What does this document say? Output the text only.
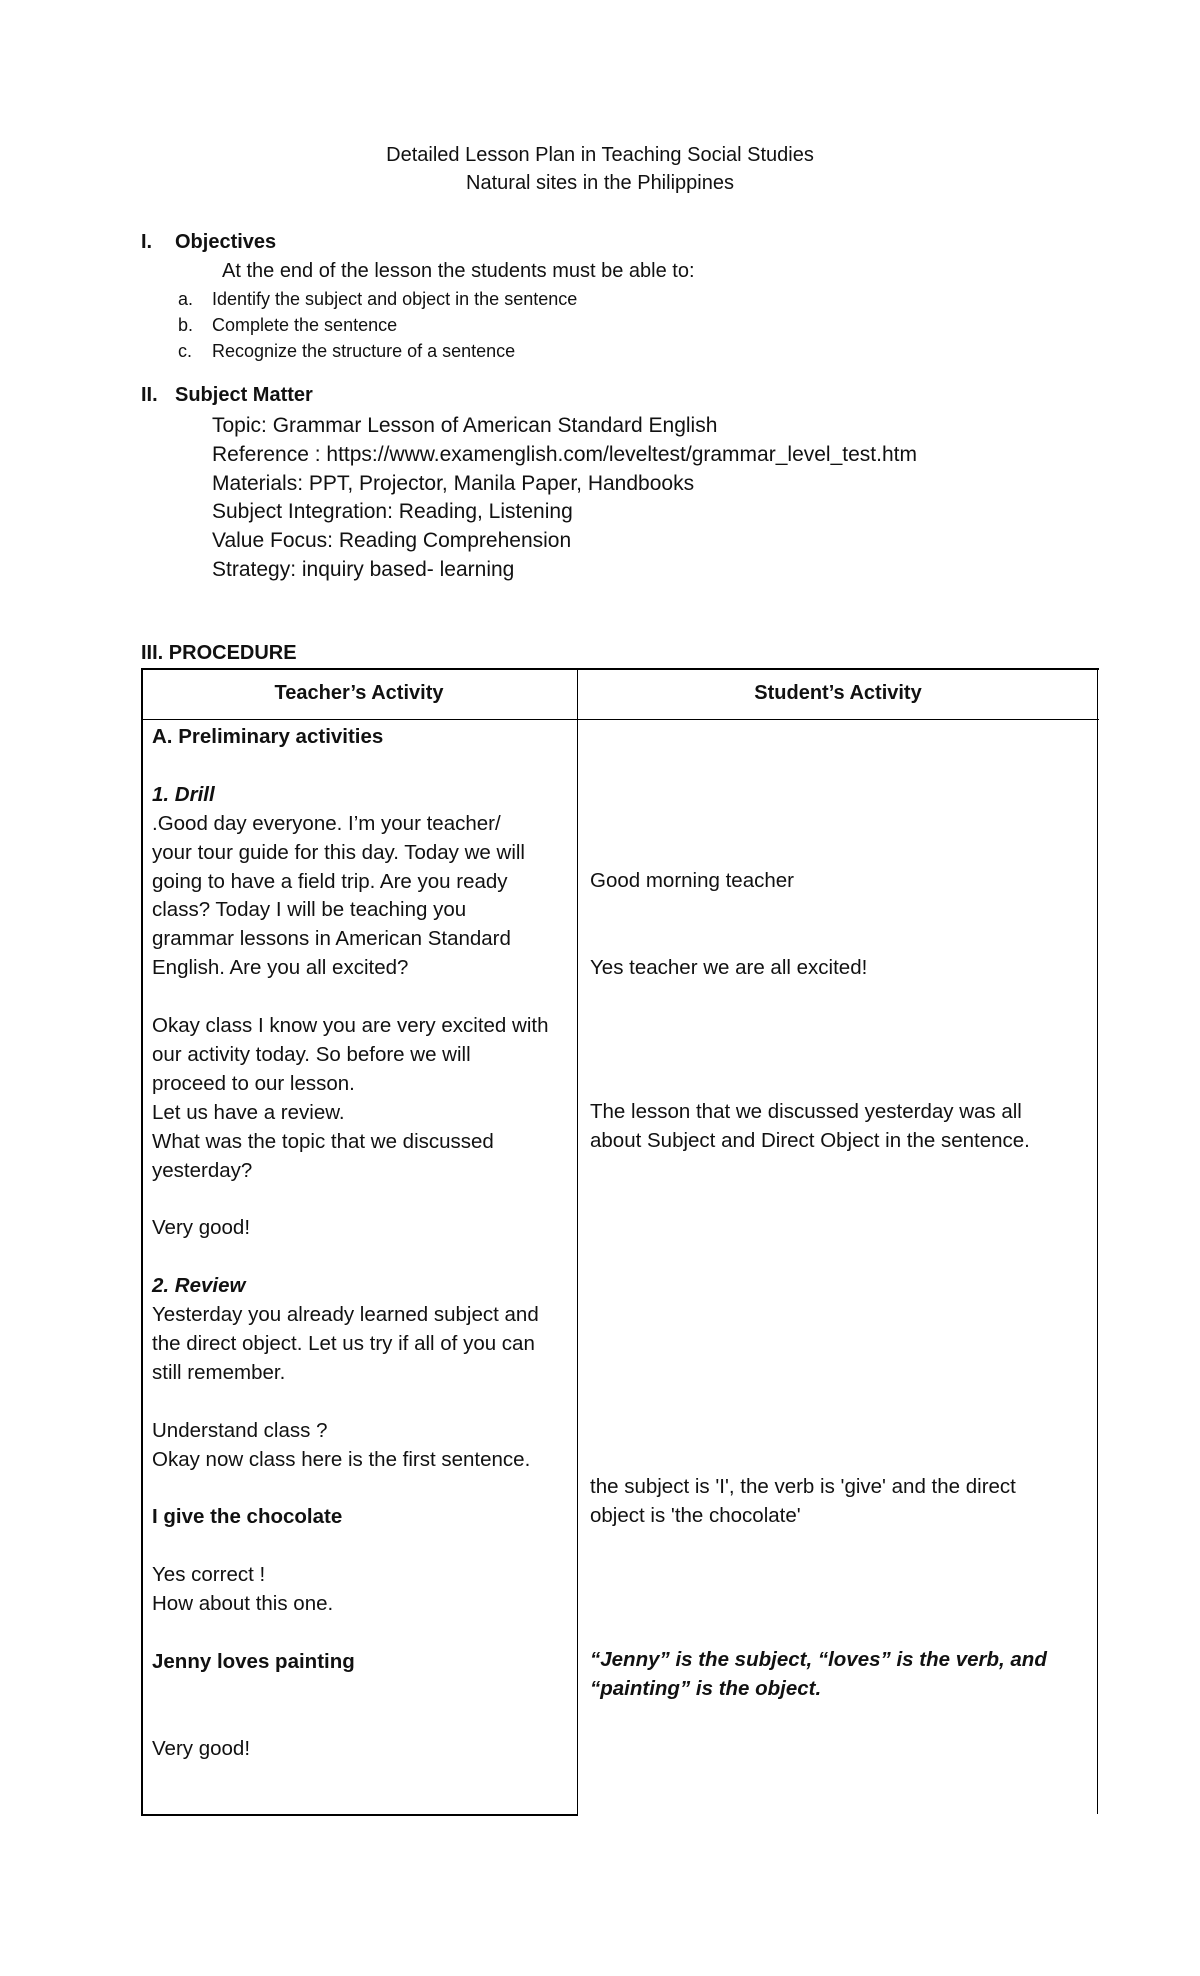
Detailed Lesson Plan in Teaching Social Studies
Natural sites in the Philippines
I. Objectives
At the end of the lesson the students must be able to:
a. Identify the subject and object in the sentence
b. Complete the sentence
c. Recognize the structure of a sentence
II. Subject Matter
Topic: Grammar Lesson of American Standard English
Reference : https://www.examenglish.com/leveltest/grammar_level_test.htm
Materials: PPT, Projector, Manila Paper, Handbooks
Subject Integration: Reading, Listening
Value Focus: Reading Comprehension
Strategy: inquiry based- learning
III. PROCEDURE
Teacher’s Activity	Student’s Activity
A. Preliminary activities
1. Drill
.Good day everyone. I’m your teacher/
your tour guide for this day. Today we will
going to have a field trip. Are you ready
class? Today I will be teaching you
grammar lessons in American Standard
English. Are you all excited?
Okay class I know you are very excited with
our activity today. So before we will
proceed to our lesson.
Let us have a review.
What was the topic that we discussed
yesterday?
Very good!
2. Review
Yesterday you already learned subject and
the direct object. Let us try if all of you can
still remember.
Understand class ?
Okay now class here is the first sentence.
I give the chocolate
Yes correct !
How about this one.
Jenny loves painting
Very good!
Good morning teacher
Yes teacher we are all excited!
The lesson that we discussed yesterday was all
about Subject and Direct Object in the sentence.
the subject is 'I', the verb is 'give' and the direct
object is 'the chocolate'
“Jenny” is the subject, “loves” is the verb, and
“painting” is the object.
